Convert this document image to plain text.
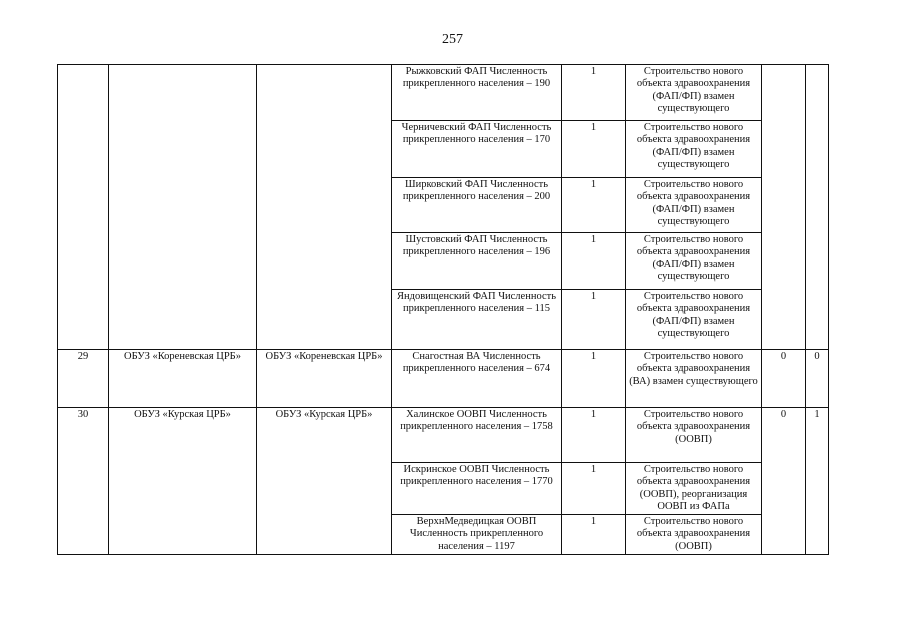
257
			Рыжковский ФАП Численность прикрепленного населения – 190	1	Строительство нового объекта здравоохранения (ФАП/ФП) взамен существующего		
			Черничевский ФАП Численность прикрепленного населения – 170	1	Строительство нового объекта здравоохранения (ФАП/ФП) взамен существующего		
			Ширковский ФАП Численность прикрепленного населения – 200	1	Строительство нового объекта здравоохранения (ФАП/ФП) взамен существующего		
			Шустовский ФАП Численность прикрепленного населения – 196	1	Строительство нового объекта здравоохранения (ФАП/ФП) взамен существующего		
			Яндовищенский ФАП Численность прикрепленного населения – 115	1	Строительство нового объекта здравоохранения (ФАП/ФП) взамен существующего		
29	ОБУЗ «Кореневская ЦРБ»	ОБУЗ «Кореневская ЦРБ»	Снагостная ВА Численность прикрепленного населения – 674	1	Строительство нового объекта здравоохранения (ВА) взамен существующего	0	0
30	ОБУЗ «Курская ЦРБ»	ОБУЗ «Курская ЦРБ»	Халинское ООВП Численность прикрепленного населения – 1758	1	Строительство нового объекта здравоохранения (ООВП)	0	1
			Искринское ООВП Численность прикрепленного населения – 1770	1	Строительство нового объекта здравоохранения (ООВП), реорганизация ООВП из ФАПа		
			ВерхнМедведицкая ООВП Численность прикрепленного населения – 1197	1	Строительство нового объекта здравоохранения (ООВП)		
